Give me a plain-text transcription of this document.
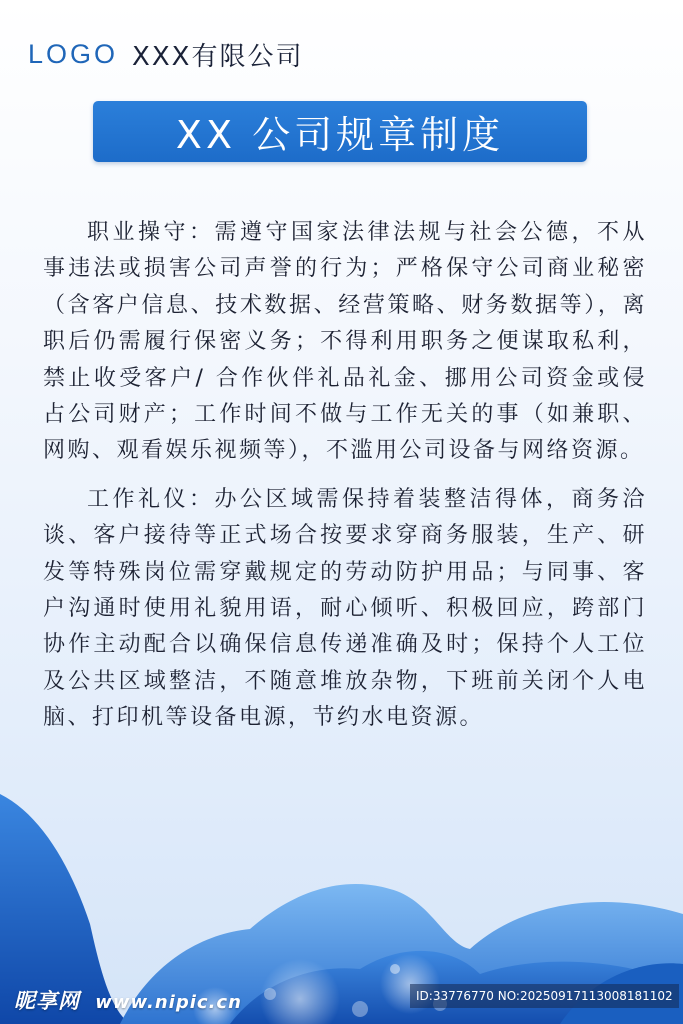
LOGO XXX有限公司
XX 公司规章制度

职业操守：需遵守国家法律法规与社会公德，不从事违法或损害公司声誉的行为；严格保守公司商业秘密（含客户信息、技术数据、经营策略、财务数据等），离职后仍需履行保密义务；不得利用职务之便谋取私利，禁止收受客户/ 合作伙伴礼品礼金、挪用公司资金或侵占公司财产；工作时间不做与工作无关的事（如兼职、网购、观看娱乐视频等），不滥用公司设备与网络资源。

工作礼仪：办公区域需保持着装整洁得体，商务洽谈、客户接待等正式场合按要求穿商务服装，生产、研发等特殊岗位需穿戴规定的劳动防护用品；与同事、客户沟通时使用礼貌用语，耐心倾听、积极回应，跨部门协作主动配合以确保信息传递准确及时；保持个人工位及公共区域整洁，不随意堆放杂物，下班前关闭个人电脑、打印机等设备电源，节约水电资源。

昵享网 www.nipic.cn	ID:33776770 NO:20250917113008181102
